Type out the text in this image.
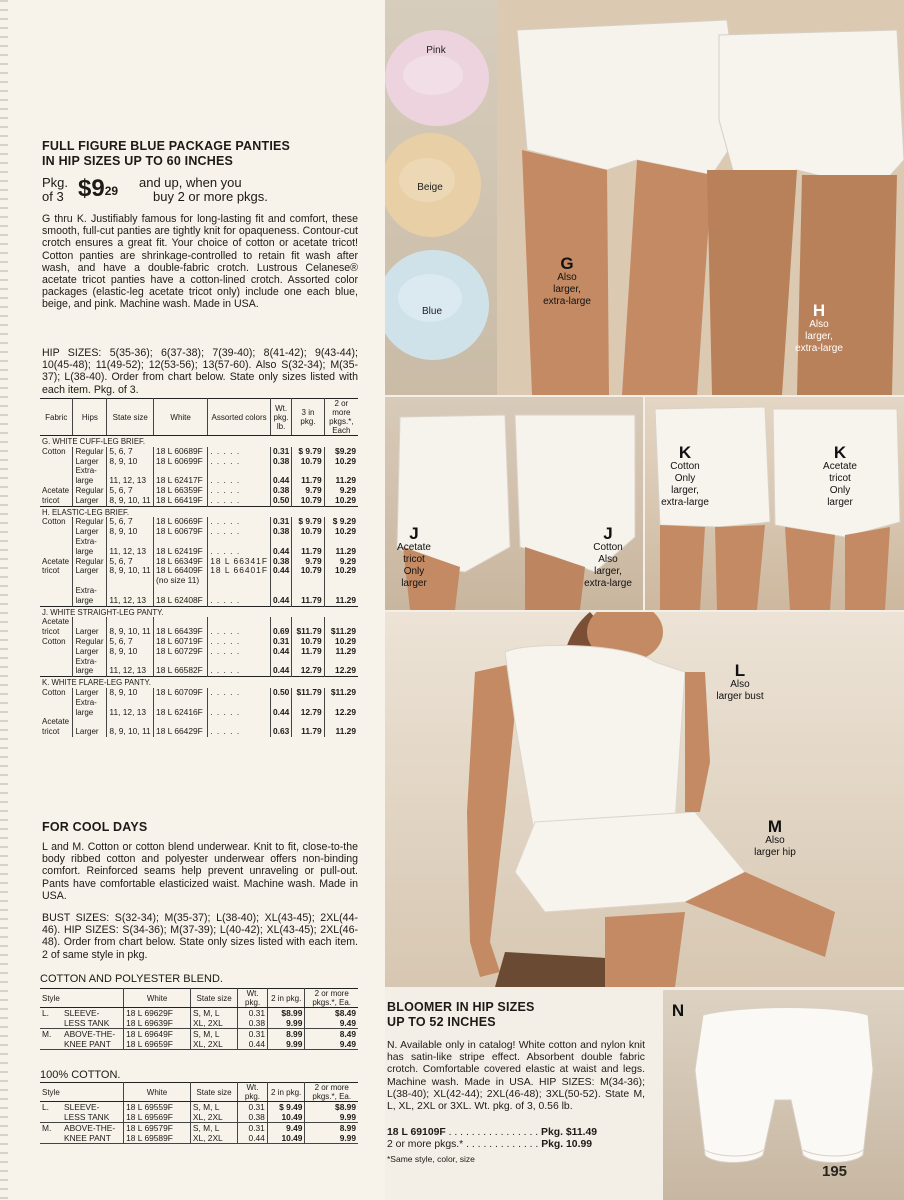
Pink
Beige
Blue
G
Also
larger,
extra-large	H
Also
larger,
extra-large
J
Acetate
tricot
Only
larger
J
Cotton
Also
larger,
extra-large
K
Cotton
Only
larger,
extra-large
K
Acetate
tricot
Only
larger
L
Also
larger bust
M
Also
larger hip
N
FULL FIGURE BLUE PACKAGE PANTIES
IN HIP SIZES UP TO 60 INCHES
Pkg.
of 3 $\$9^{29}$
and up, when you
buy 2 or more pkgs.
G thru K. Justifiably famous for long-lasting fit and comfort, these smooth, full-cut panties are tightly knit for opaqueness. Contour-cut crotch ensures a great fit. Your choice of cotton or acetate tricot! Cotton panties are shrinkage-controlled to retain fit wash after wash, and have a double-fabric crotch. Lustrous Celanese® acetate tricot panties have a cotton-lined crotch. Assorted color packages (elastic-leg acetate tricot only) include one each blue, beige, and pink. Machine wash. Made in USA.
HIP SIZES: 5(35-36); 6(37-38); 7(39-40); 8(41-42); 9(43-44); 10(45-48); 11(49-52); 12(53-56); 13(57-60). Also S(32-34); M(35-37); L(38-40). Order from chart below. State only sizes listed with each item. Pkg. of 3.
Fabric	Hips	State size	White	Assorted colors	Wt. pkg. lb.	3 in pkg.	2 or more pkgs.*, Each
G. WHITE CUFF-LEG BRIEF.							
Cotton	Regular	5, 6, 7	18 L 60689F	. . . . .	0.31	$ 9.79	$9.29
	Larger	8, 9, 10	18 L 60699F	. . . . .	0.38	10.79	10.29
	Extra-						
	large	11, 12, 13	18 L 62417F	. . . . .	0.44	11.79	11.29
Acetate	Regular	5, 6, 7	18 L 66359F	. . . . .	0.38	9.79	9.29
tricot	Larger	8, 9, 10, 11	18 L 66419F	. . . . .	0.50	10.79	10.29
H. ELASTIC-LEG BRIEF.							
Cotton	Regular	5, 6, 7	18 L 60669F	. . . . .	0.31	$ 9.79	$ 9.29
	Larger	8, 9, 10	18 L 60679F	. . . . .	0.38	10.79	10.29
	Extra-						
	large	11, 12, 13	18 L 62419F	. . . . .	0.44	11.79	11.29
Acetate	Regular	5, 6, 7	18 L 66349F	18 L 66341F	0.38	9.79	9.29
tricot	Larger	8, 9, 10, 11	18 L 66409F	18 L 66401F	0.44	10.79	10.29
			(no size 11)				
	Extra-						
	large	11, 12, 13	18 L 62408F	. . . . .	0.44	11.79	11.29
J. WHITE STRAIGHT-LEG PANTY.							
Acetate							
tricot	Larger	8, 9, 10, 11	18 L 66439F	. . . . .	0.69	$11.79	$11.29
Cotton	Regular	5, 6, 7	18 L 60719F	. . . . .	0.31	10.79	10.29
	Larger	8, 9, 10	18 L 60729F	. . . . .	0.44	11.79	11.29
	Extra-						
	large	11, 12, 13	18 L 66582F	. . . . .	0.44	12.79	12.29
K. WHITE FLARE-LEG PANTY.							
Cotton	Larger	8, 9, 10	18 L 60709F	. . . . .	0.50	$11.79	$11.29
	Extra-						
	large	11, 12, 13	18 L 62416F	. . . . .	0.44	12.79	12.29
Acetate							
tricot	Larger	8, 9, 10, 11	18 L 66429F	. . . . .	0.63	11.79	11.29
FOR COOL DAYS
L and M. Cotton or cotton blend underwear. Knit to fit, close-to-the body ribbed cotton and polyester underwear offers non-binding comfort. Reinforced seams help prevent unraveling or pull-out. Pants have comfortable elasticized waist. Machine wash. Made in USA.
BUST SIZES: S(32-34); M(35-37); L(38-40); XL(43-45); 2XL(44-46). HIP SIZES: S(34-36); M(37-39); L(40-42); XL(43-45); 2XL(46-48). Order from chart below. State only sizes listed with each item. 2 of same style in pkg.
COTTON AND POLYESTER BLEND.
Style	White	State size	Wt. pkg.	2 in pkg.	2 or more pkgs.*, Ea.
L. SLEEVE-	18 L 69629F	S, M, L	0.31	$8.99	$8.49
LESS TANK	18 L 69639F	XL, 2XL	0.38	9.99	9.49
M. ABOVE-THE-	18 L 69649F	S, M, L	0.31	8.99	8.49
KNEE PANT	18 L 69659F	XL, 2XL	0.44	9.99	9.49
100% COTTON.
Style	White	State size	Wt. pkg.	2 in pkg.	2 or more pkgs.*, Ea.
L. SLEEVE-	18 L 69559F	S, M, L	0.31	$ 9.49	$8.99
LESS TANK	18 L 69569F	XL, 2XL	0.38	10.49	9.99
M. ABOVE-THE-	18 L 69579F	S, M, L	0.31	9.49	8.99
KNEE PANT	18 L 69589F	XL, 2XL	0.44	10.49	9.99
BLOOMER IN HIP SIZES
UP TO 52 INCHES
N. Available only in catalog! White cotton and nylon knit has satin-like stripe effect. Absorbent double fabric crotch. Comfortable covered elastic at waist and legs. Machine wash. Made in USA. HIP SIZES: M(34-36); L(38-40); XL(42-44); 2XL(46-48); 3XL(50-52). State M, L, XL, 2XL or 3XL. Wt. pkg. of 3, 0.56 lb.
18 L 69109F . . . . . . . . . . . . . . . . Pkg. $11.49
2 or more pkgs.* . . . . . . . . . . . . . Pkg. 10.99
*Same style, color, size
195
